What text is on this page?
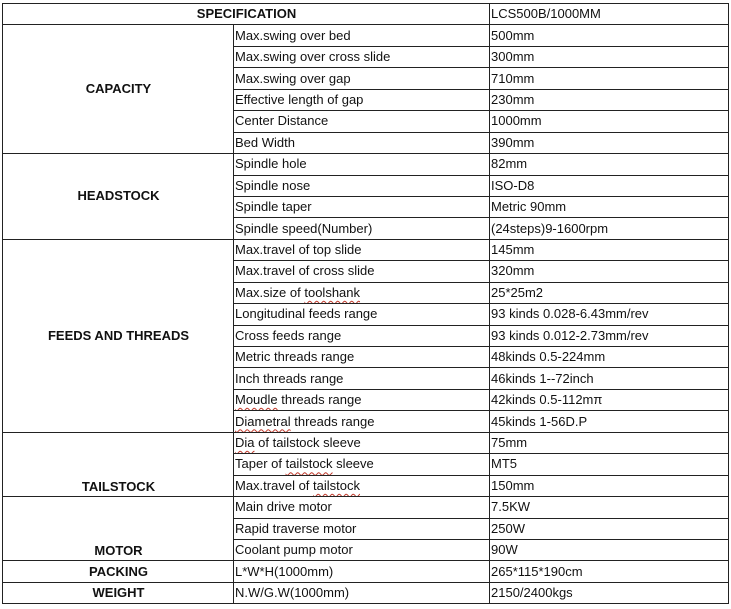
SPECIFICATION		LCS500B/1000MM
CAPACITY	Max.swing over bed	500mm
	Max.swing over cross slide	300mm
	Max.swing over gap	710mm
	Effective length of gap	230mm
	Center Distance	1000mm
	Bed Width	390mm
HEADSTOCK	Spindle hole	82mm
	Spindle nose	ISO-D8
	Spindle taper	Metric 90mm
	Spindle speed(Number)	(24steps)9-1600rpm
FEEDS AND THREADS	Max.travel of top slide	145mm
	Max.travel of cross slide	320mm
	Max.size of toolshank	25*25m2
	Longitudinal feeds range	93 kinds 0.028-6.43mm/rev
	Cross feeds range	93 kinds 0.012-2.73mm/rev
	Metric threads range	48kinds 0.5-224mm
	Inch threads range	46kinds 1--72inch
	Moudle threads range	42kinds 0.5-112mπ
	Diametral threads range	45kinds 1-56D.P
TAILSTOCK	Dia of tailstock sleeve	75mm
	Taper of tailstock sleeve	MT5
	Max.travel of tailstock	150mm
MOTOR	Main drive motor	7.5KW
	Rapid traverse motor	250W
	Coolant pump motor	90W
PACKING	L*W*H(1000mm)	265*115*190cm
WEIGHT	N.W/G.W(1000mm)	2150/2400kgs
